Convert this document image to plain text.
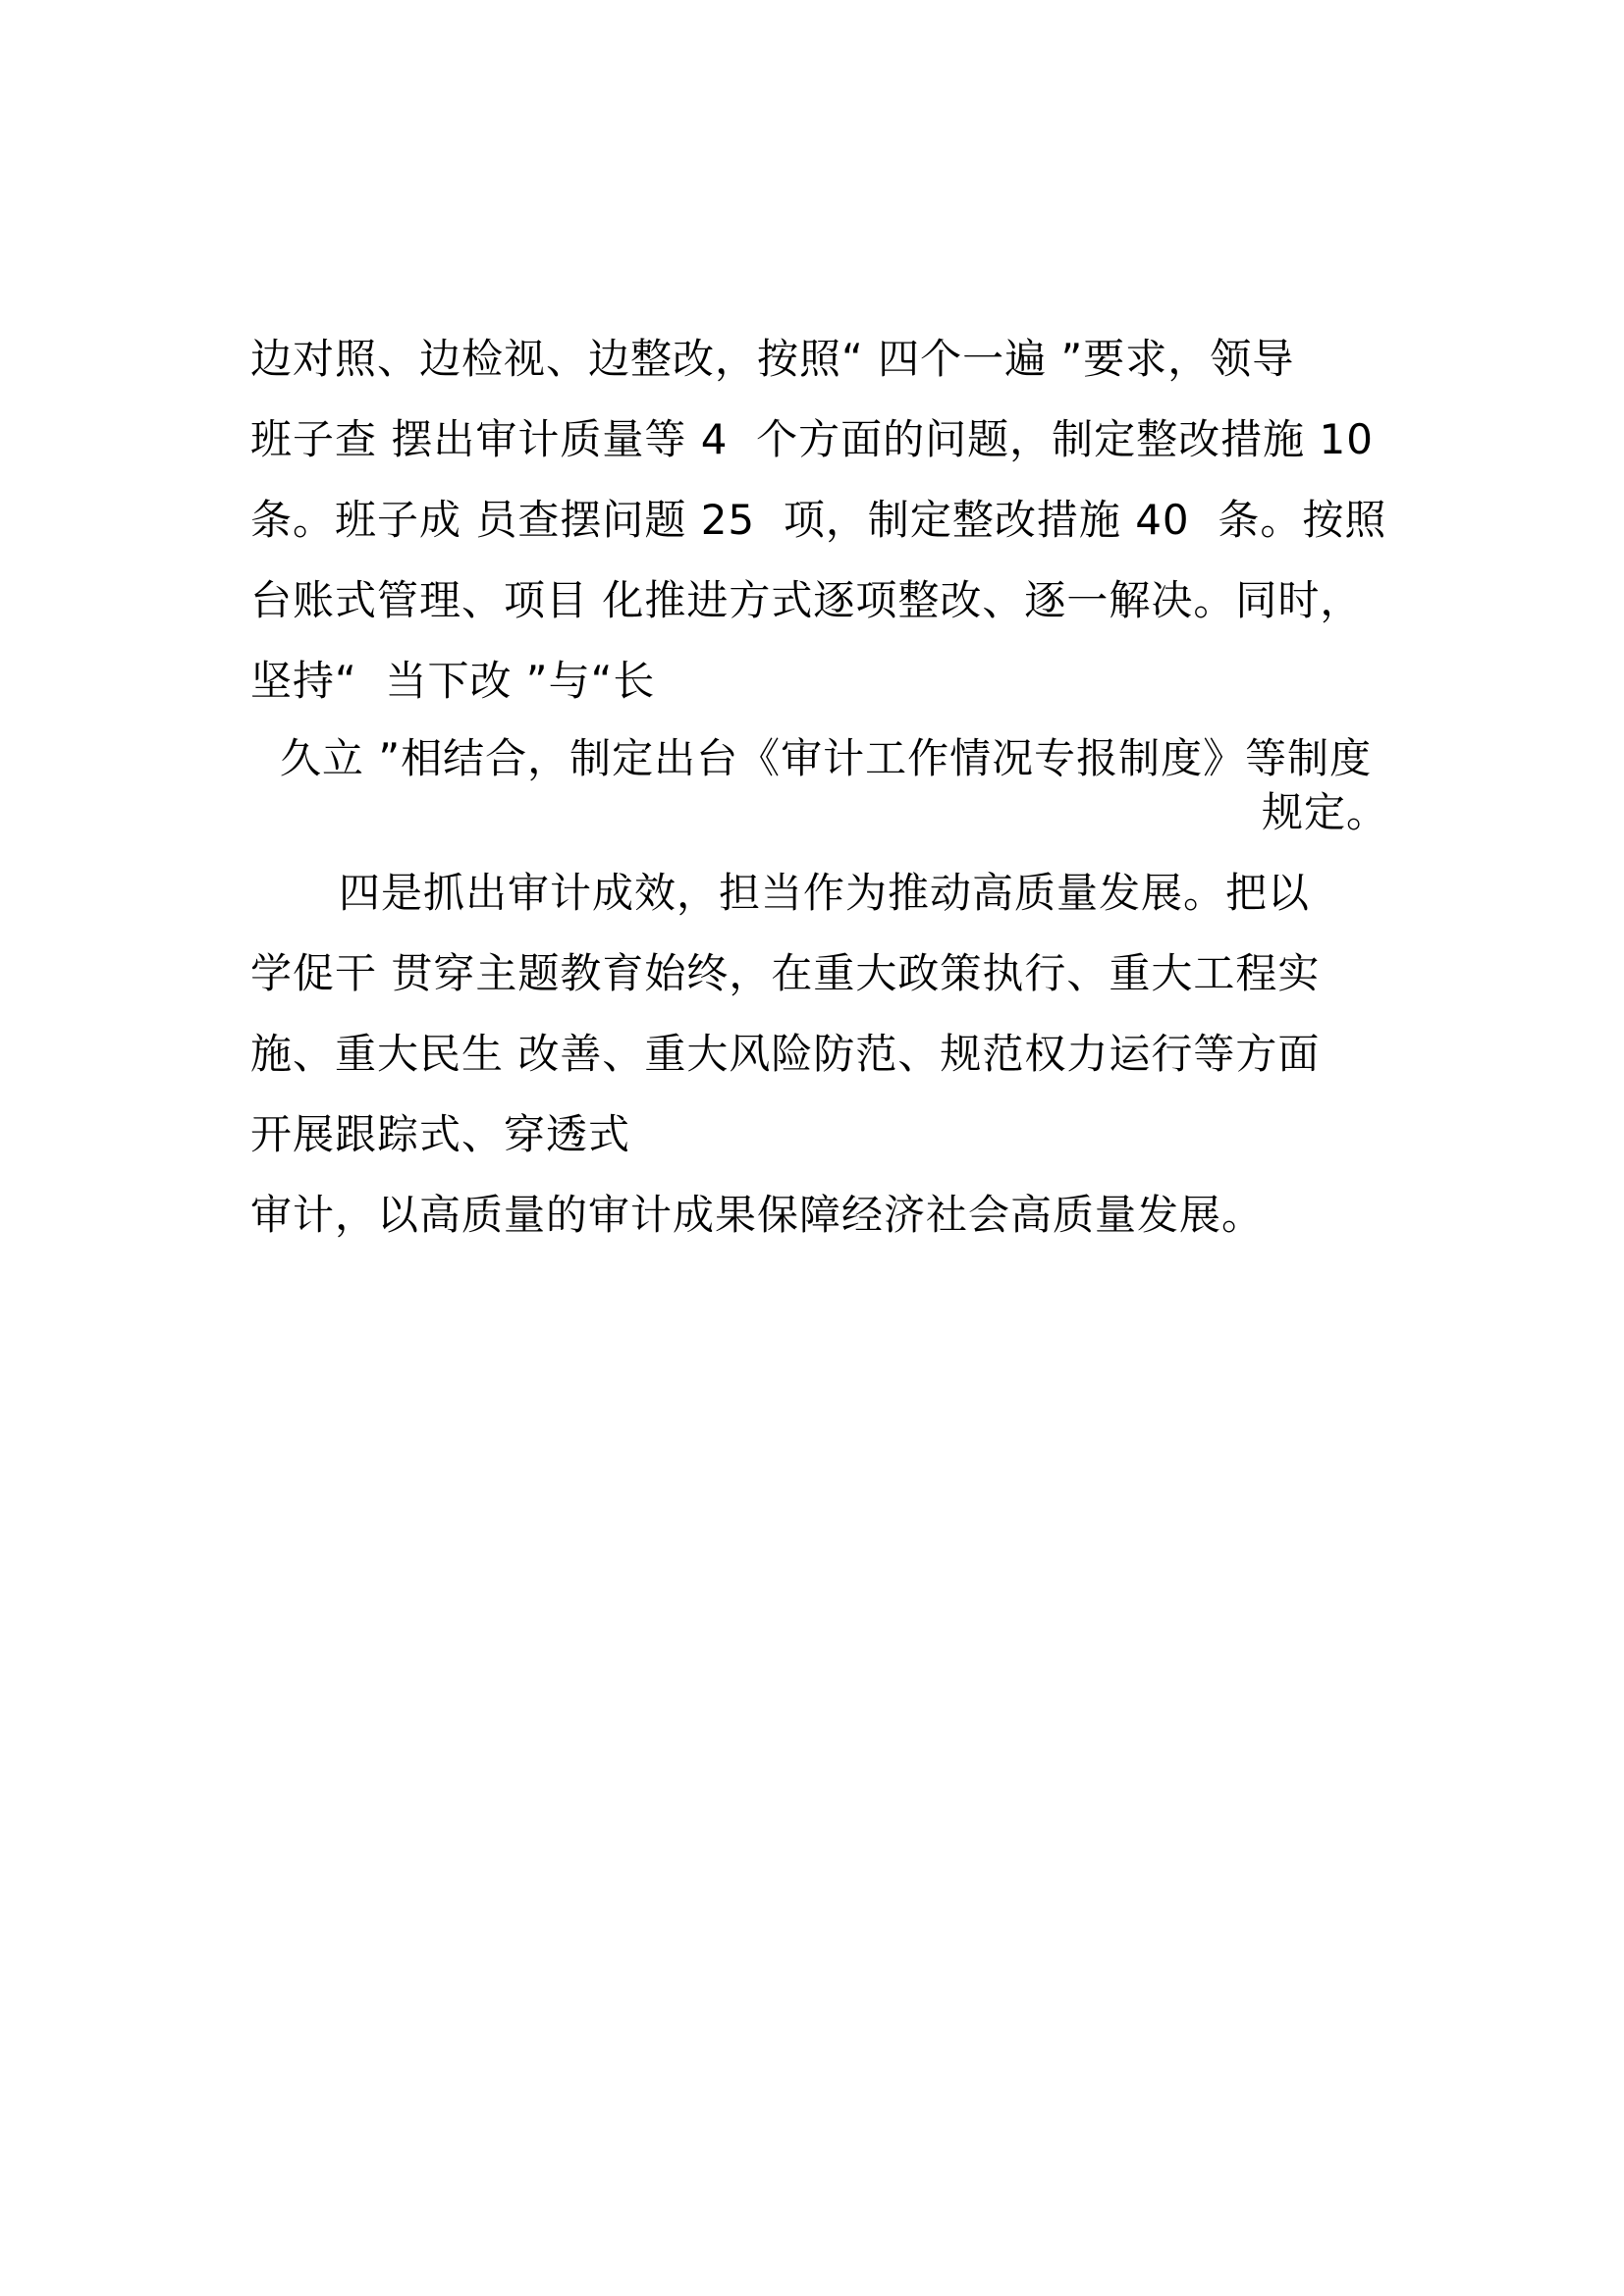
边对照、边检视、边整改，按照“ 四个一遍 ”要求，领导
班子查 摆出审计质量等 4  个方面的问题，制定整改措施 10
条。班子成 员查摆问题 25  项，制定整改措施 40  条。按照
台账式管理、项目 化推进方式逐项整改、逐一解决。同时，
坚持“  当下改 ”与“长
久立 ”相结合，制定出台《审计工作情况专报制度》等制度
规定。
四是抓出审计成效，担当作为推动高质量发展。把以
学促干 贯穿主题教育始终，在重大政策执行、重大工程实
施、重大民生 改善、重大风险防范、规范权力运行等方面
开展跟踪式、穿透式
审计，以高质量的审计成果保障经济社会高质量发展。
